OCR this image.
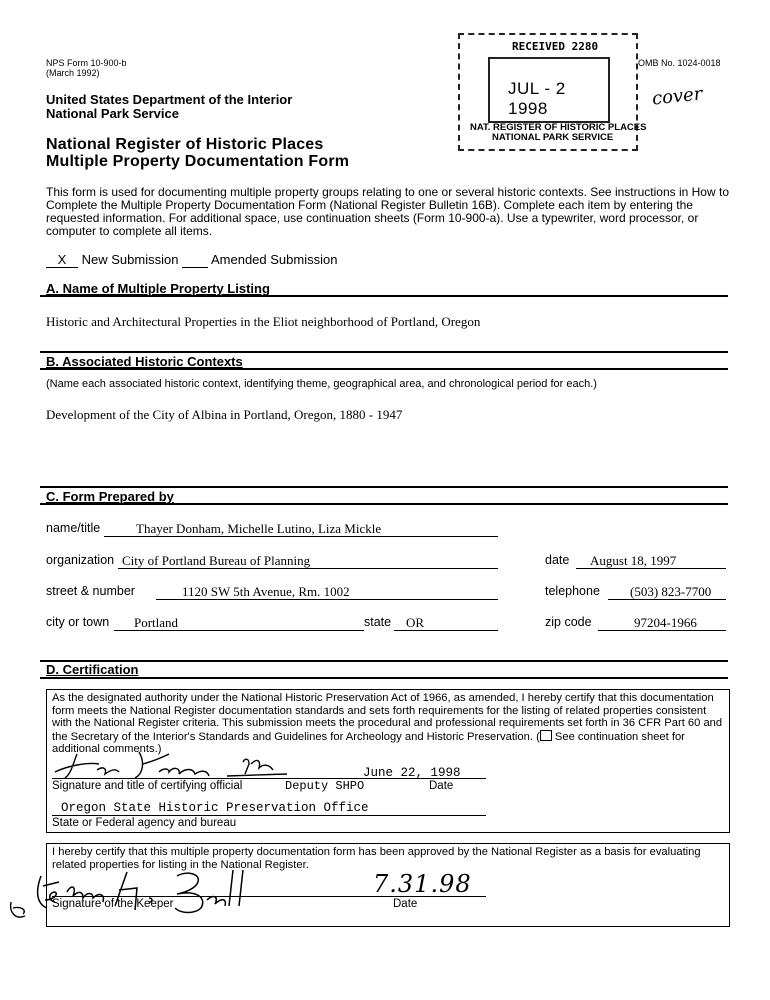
NPS Form 10-900-b
(March 1992)
OMB No. 1024-0018
RECEIVED 2280
JUL - 2 1998
NAT. REGISTER OF HISTORIC PLACES
NATIONAL PARK SERVICE
cover
United States Department of the Interior
National Park Service
National Register of Historic Places
Multiple Property Documentation Form
This form is used for documenting multiple property groups relating to one or several historic contexts. See instructions in How to Complete the Multiple Property Documentation Form (National Register Bulletin 16B). Complete each item by entering the requested information. For additional space, use continuation sheets (Form 10-900-a). Use a typewriter, word processor, or computer to complete all items.
X New Submission	Amended Submission
A. Name of Multiple Property Listing
Historic and Architectural Properties in the Eliot neighborhood of Portland, Oregon
B. Associated Historic Contexts
(Name each associated historic context, identifying theme, geographical area, and chronological period for each.)
Development of the City of Albina in Portland, Oregon, 1880 - 1947
C. Form Prepared by
name/title	Thayer Donham, Michelle Lutino, Liza Mickle
organization City of Portland Bureau of Planning	date	August 18, 1997
street & number	1120 SW 5th Avenue, Rm. 1002	telephone	(503) 823-7700
city or town	Portland	state	OR	zip code	97204-1966
D. Certification
As the designated authority under the National Historic Preservation Act of 1966, as amended, I hereby certify that this documentation form meets the National Register documentation standards and sets forth requirements for the listing of related properties consistent with the National Register criteria. This submission meets the procedural and professional requirements set forth in 36 CFR Part 60 and the Secretary of the Interior's Standards and Guidelines for Archeology and Historic Preservation. ( See continuation sheet for additional comments.)
June 22, 1998
Signature and title of certifying official	Deputy SHPO	Date
Oregon State Historic Preservation Office
State or Federal agency and bureau
I hereby certify that this multiple property documentation form has been approved by the National Register as a basis for evaluating related properties for listing in the National Register.
7.31.98
Signature of the Keeper	Date
